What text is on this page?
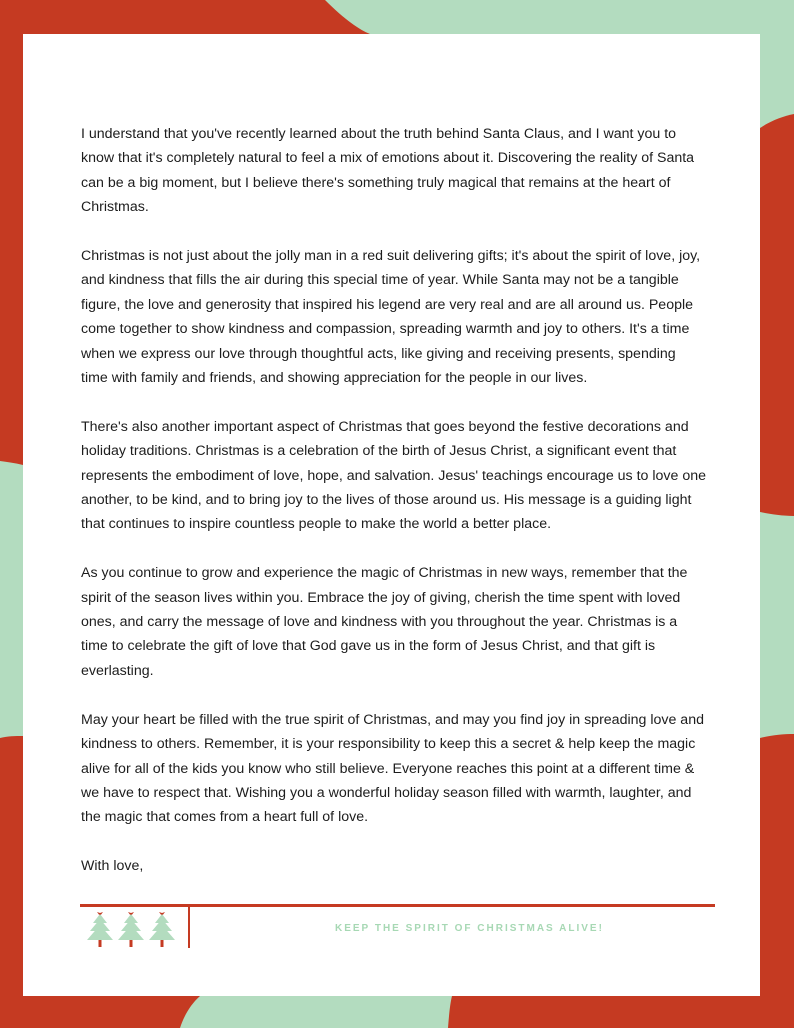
I understand that you've recently learned about the truth behind Santa Claus, and I want you to know that it's completely natural to feel a mix of emotions about it. Discovering the reality of Santa can be a big moment, but I believe there's something truly magical that remains at the heart of Christmas.

Christmas is not just about the jolly man in a red suit delivering gifts; it's about the spirit of love, joy, and kindness that fills the air during this special time of year. While Santa may not be a tangible figure, the love and generosity that inspired his legend are very real and are all around us. People come together to show kindness and compassion, spreading warmth and joy to others. It's a time when we express our love through thoughtful acts, like giving and receiving presents, spending time with family and friends, and showing appreciation for the people in our lives.

There's also another important aspect of Christmas that goes beyond the festive decorations and holiday traditions. Christmas is a celebration of the birth of Jesus Christ, a significant event that represents the embodiment of love, hope, and salvation. Jesus' teachings encourage us to love one another, to be kind, and to bring joy to the lives of those around us. His message is a guiding light that continues to inspire countless people to make the world a better place.

As you continue to grow and experience the magic of Christmas in new ways, remember that the spirit of the season lives within you. Embrace the joy of giving, cherish the time spent with loved ones, and carry the message of love and kindness with you throughout the year. Christmas is a time to celebrate the gift of love that God gave us in the form of Jesus Christ, and that gift is everlasting.

May your heart be filled with the true spirit of Christmas, and may you find joy in spreading love and kindness to others. Remember, it is your responsibility to keep this a secret & help keep the magic alive for all of the kids you know who still believe. Everyone reaches this point at a different time & we have to respect that. Wishing you a wonderful holiday season filled with warmth, laughter, and the magic that comes from a heart full of love.

With love,

KEEP THE SPIRIT OF CHRISTMAS ALIVE!
